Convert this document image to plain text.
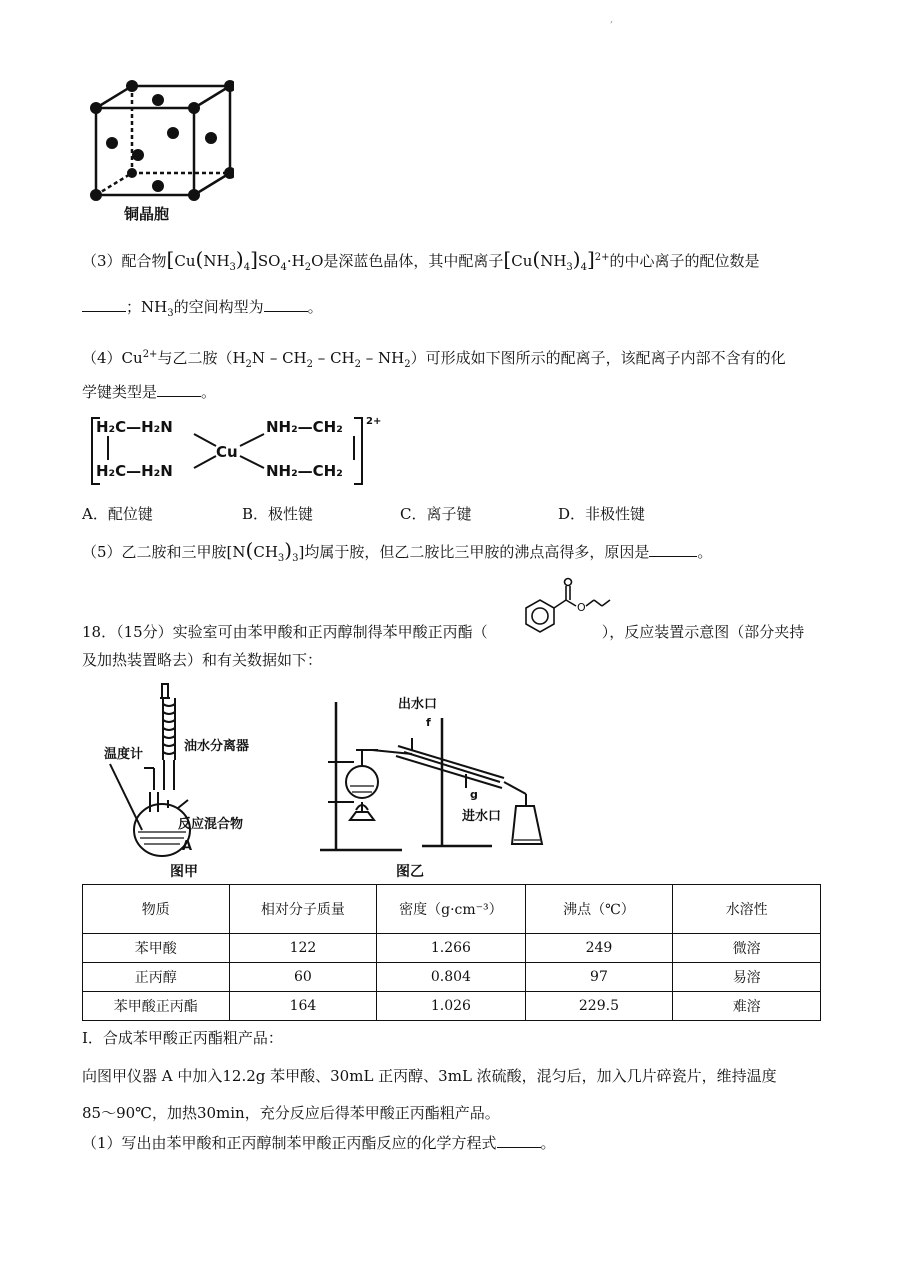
,
铜晶胞
（3）配合物$[Cu(NH_3)_4]SO_4\cdot H_2O$是深蓝色晶体，其中配离子$[Cu(NH_3)_4]^{2+}$的中心离子的配位数是
；$NH_3$的空间构型为	。
$(4)Cu^{2+}$与乙二胺$(H_2N - CH_2 - CH_2 - NH_2)$可形成如下图所示的配离子，该配离子内部不含有的化
学键类型是	。
H₂C—H₂N
H₂C—H₂N
Cu
NH₂—CH₂
NH₂—CH₂
2+
A．配位键	B．极性键	C．离子键	D．非极性键
（5）乙二胺和三甲胺$[N(CH_3)_3]$均属于胺，但乙二胺比三甲胺的沸点高得多，原因是	。
18．（15分）实验室可由苯甲酸和正丙醇制得苯甲酸正丙酯（	），反应装置示意图（部分夹持
O
及加热装置略去）和有关数据如下：
温度计
油水分离器
反应混合物
A
图甲
出水口
f
g
进水口
图乙
物质	相对分子质量	密度（g·cm⁻³）	沸点（℃）	水溶性
苯甲酸	122	1.266	249	微溶
正丙醇	60	0.804	97	易溶
苯甲酸正丙酯	164	1.026	229.5	难溶
I．合成苯甲酸正丙酯粗产品：
向图甲仪器 A 中加入12.2g 苯甲酸、30mL 正丙醇、3mL 浓硫酸，混匀后，加入几片碎瓷片，维持温度
85～90℃，加热30min，充分反应后得苯甲酸正丙酯粗产品。
（1）写出由苯甲酸和正丙醇制苯甲酸正丙酯反应的化学方程式	。
